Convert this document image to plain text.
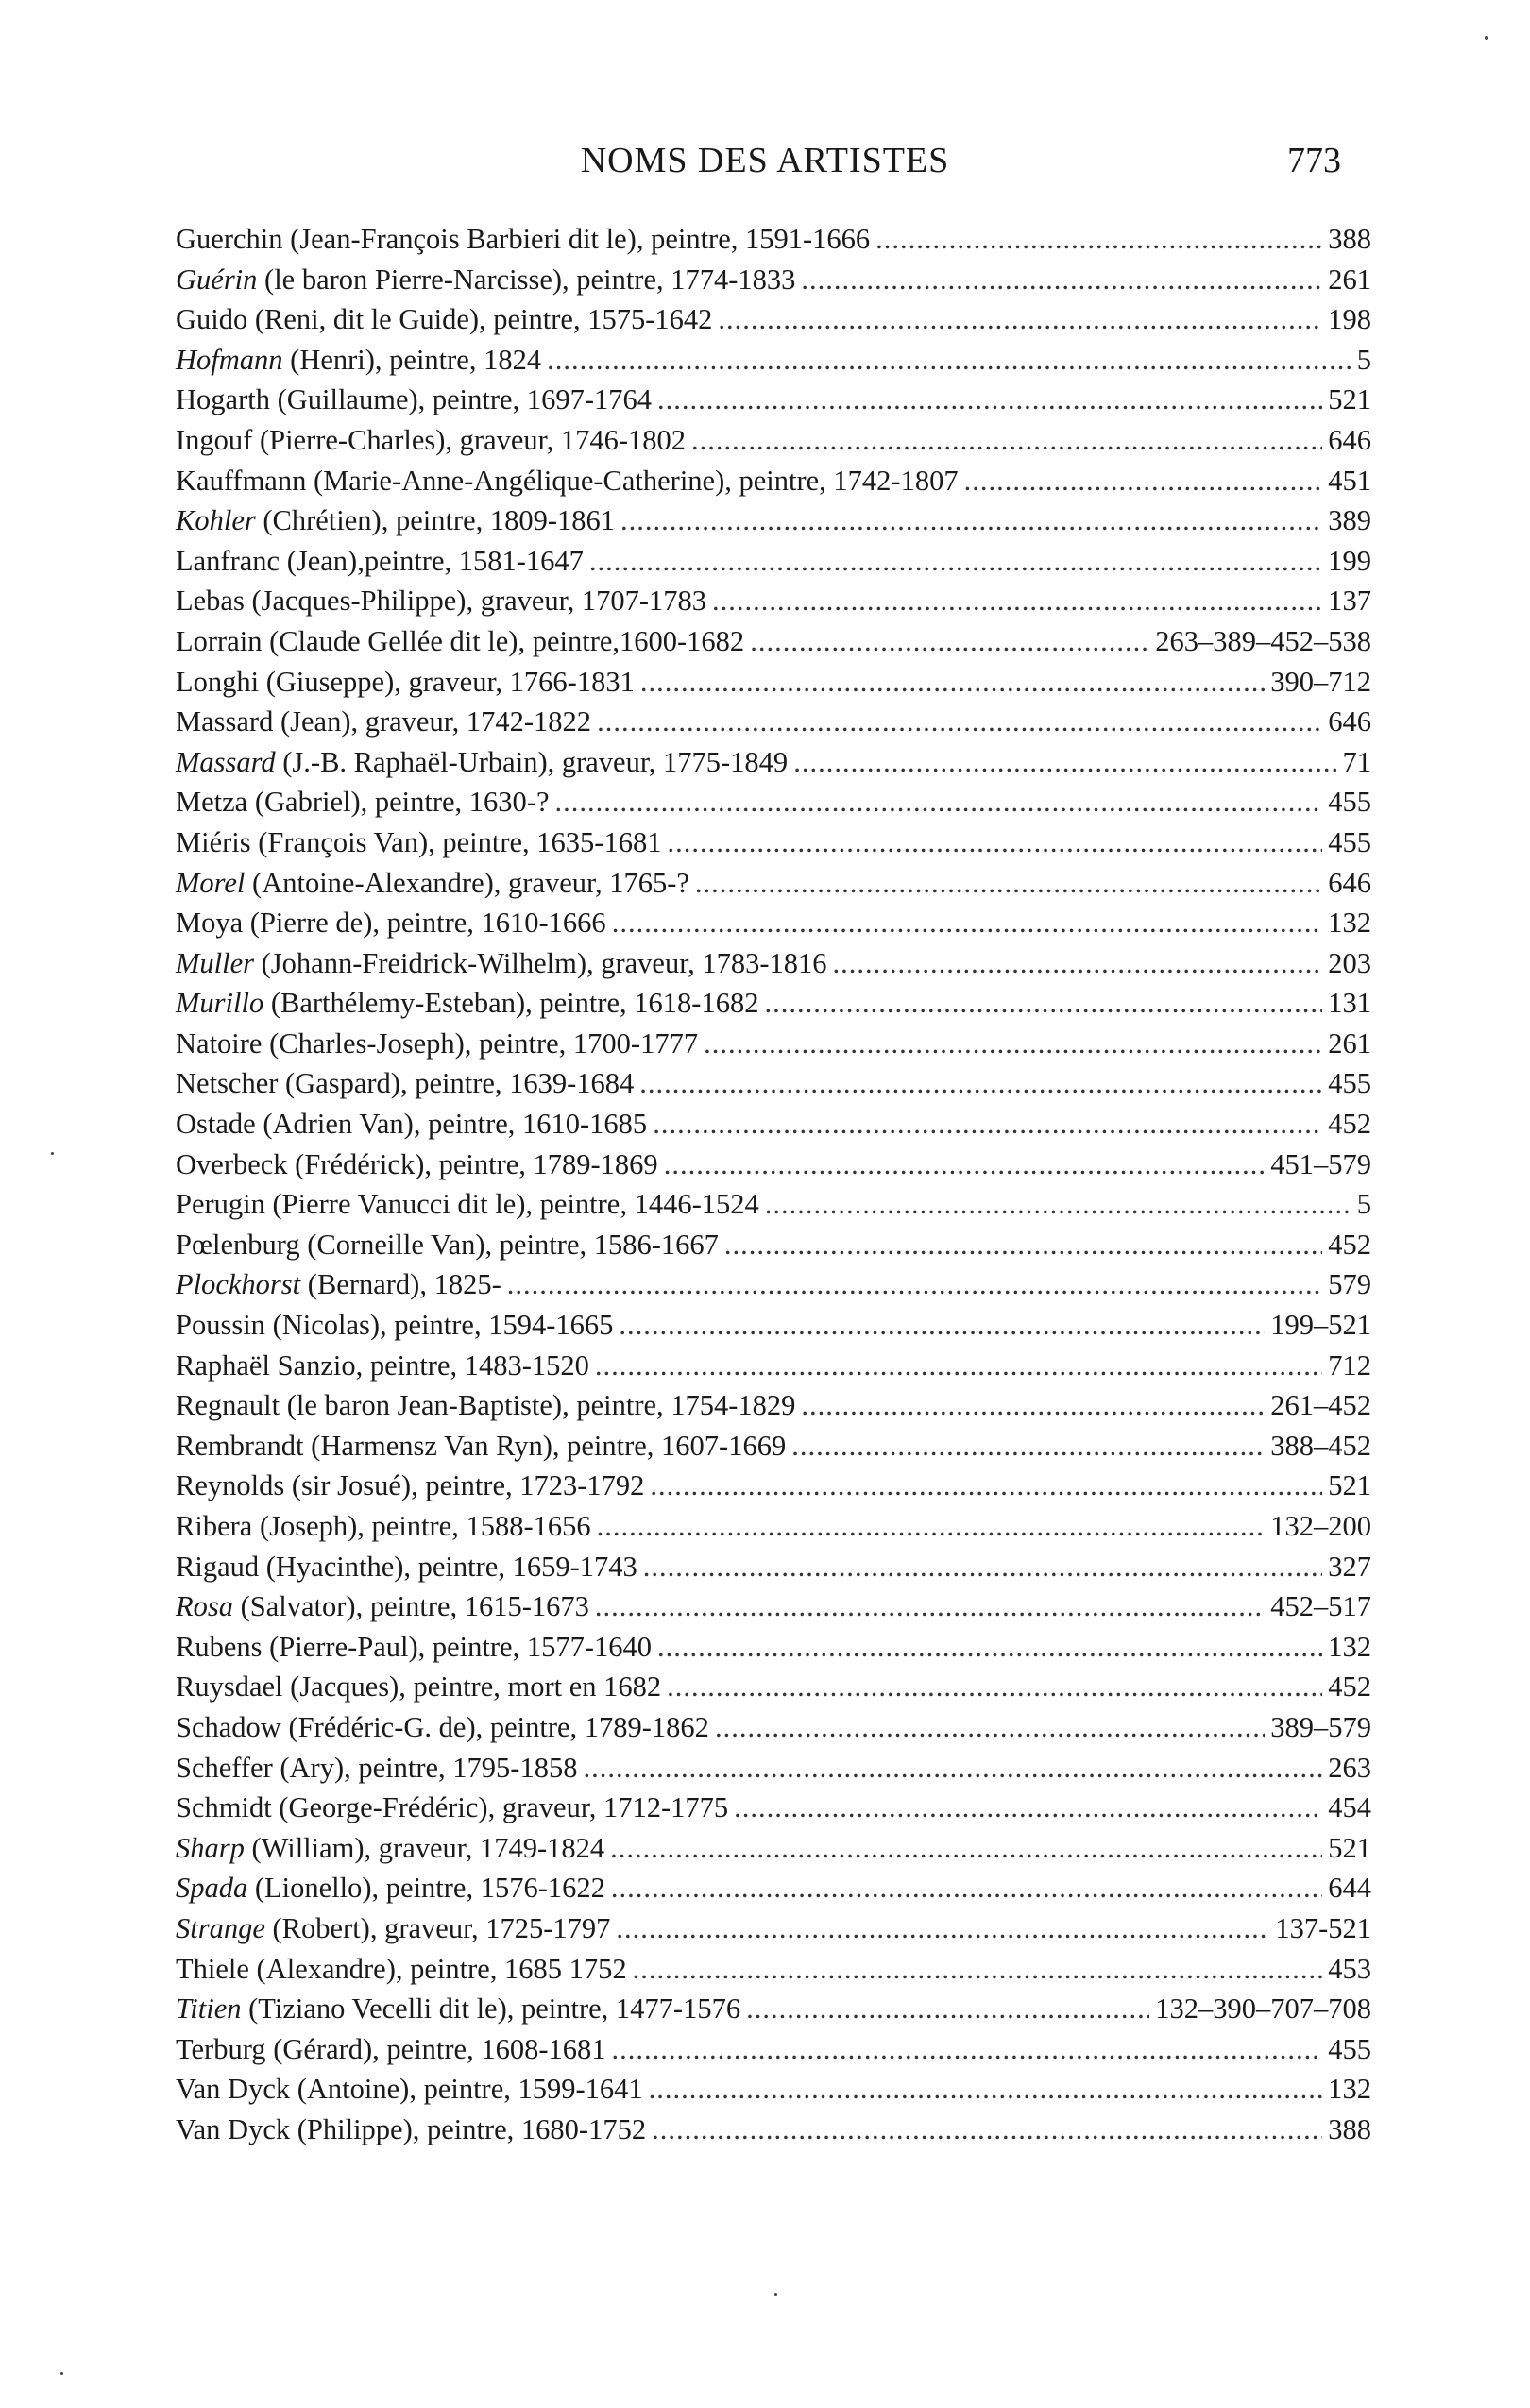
NOMS DES ARTISTES	773
Guerchin (Jean-François Barbieri dit le), peintre, 1591-1666 .....	388
Guérin (le baron Pierre-Narcisse), peintre, 1774-1833 .....	261
Guido (Reni, dit le Guide), peintre, 1575-1642 .....	198
Hofmann (Henri), peintre, 1824 .....	5
Hogarth (Guillaume), peintre, 1697-1764 .....	521
Ingouf (Pierre-Charles), graveur, 1746-1802 .....	646
Kauffmann (Marie-Anne-Angélique-Catherine), peintre, 1742-1807 .....	451
Kohler (Chrétien), peintre, 1809-1861 .....	389
Lanfranc (Jean),peintre, 1581-1647 .....	199
Lebas (Jacques-Philippe), graveur, 1707-1783 .....	137
Lorrain (Claude Gellée dit le), peintre,1600-1682 .....	263–389–452–538
Longhi (Giuseppe), graveur, 1766-1831 .....	390–712
Massard (Jean), graveur, 1742-1822 .....	646
Massard (J.-B. Raphaël-Urbain), graveur, 1775-1849 .....	71
Metza (Gabriel), peintre, 1630-? .....	455
Miéris (François Van), peintre, 1635-1681 .....	455
Morel (Antoine-Alexandre), graveur, 1765-? .....	646
Moya (Pierre de), peintre, 1610-1666 .....	132
Muller (Johann-Freidrick-Wilhelm), graveur, 1783-1816 .....	203
Murillo (Barthélemy-Esteban), peintre, 1618-1682 .....	131
Natoire (Charles-Joseph), peintre, 1700-1777 .....	261
Netscher (Gaspard), peintre, 1639-1684 .....	455
Ostade (Adrien Van), peintre, 1610-1685 .....	452
Overbeck (Frédérick), peintre, 1789-1869 .....	451–579
Perugin (Pierre Vanucci dit le), peintre, 1446-1524 .....	5
Pœlenburg (Corneille Van), peintre, 1586-1667 .....	452
Plockhorst (Bernard), 1825- .....	579
Poussin (Nicolas), peintre, 1594-1665 .....	199–521
Raphaël Sanzio, peintre, 1483-1520 .....	712
Regnault (le baron Jean-Baptiste), peintre, 1754-1829 .....	261–452
Rembrandt (Harmensz Van Ryn), peintre, 1607-1669 .....	388–452
Reynolds (sir Josué), peintre, 1723-1792 .....	521
Ribera (Joseph), peintre, 1588-1656 .....	132–200
Rigaud (Hyacinthe), peintre, 1659-1743 .....	327
Rosa (Salvator), peintre, 1615-1673 .....	452–517
Rubens (Pierre-Paul), peintre, 1577-1640 .....	132
Ruysdael (Jacques), peintre, mort en 1682 .....	452
Schadow (Frédéric-G. de), peintre, 1789-1862 .....	389–579
Scheffer (Ary), peintre, 1795-1858 .....	263
Schmidt (George-Frédéric), graveur, 1712-1775 .....	454
Sharp (William), graveur, 1749-1824 .....	521
Spada (Lionello), peintre, 1576-1622 .....	644
Strange (Robert), graveur, 1725-1797 .....	137-521
Thiele (Alexandre), peintre, 1685 1752 .....	453
Titien (Tiziano Vecelli dit le), peintre, 1477-1576 .....	132–390–707–708
Terburg (Gérard), peintre, 1608-1681 .....	455
Van Dyck (Antoine), peintre, 1599-1641 .....	132
Van Dyck (Philippe), peintre, 1680-1752 .....	388
